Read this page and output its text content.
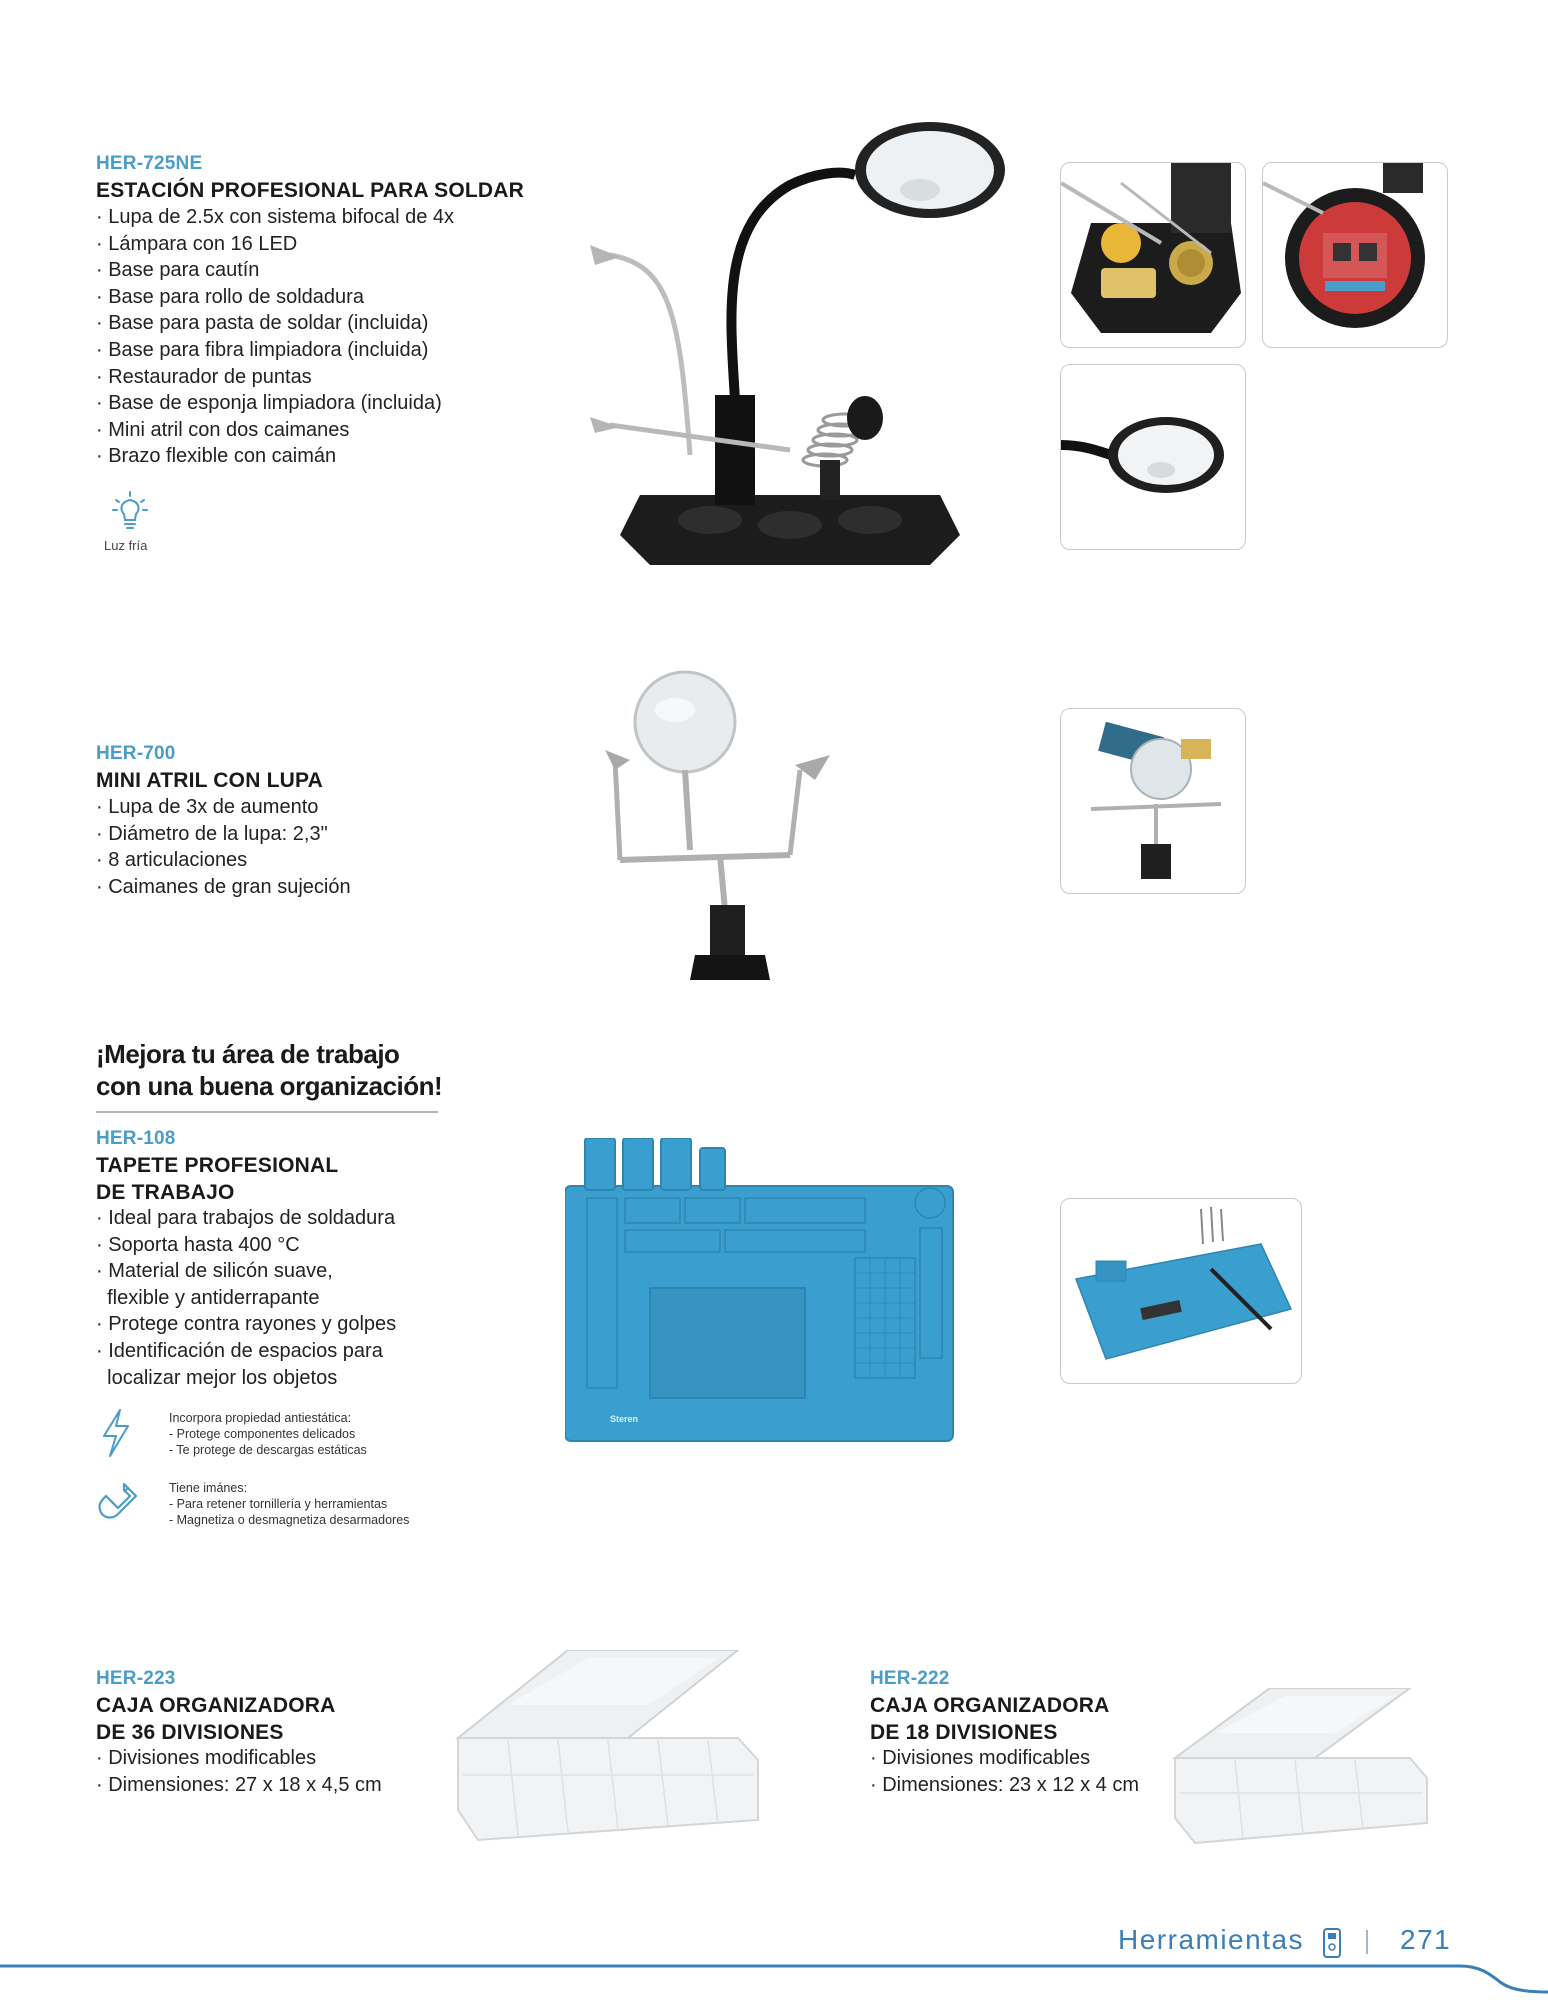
HER-725NE
ESTACIÓN PROFESIONAL PARA SOLDAR
· Lupa de 2.5x con sistema bifocal de 4x
· Lámpara con 16 LED
· Base para cautín
· Base para rollo de soldadura
· Base para pasta de soldar (incluida)
· Base para fibra limpiadora (incluida)
· Restaurador de puntas
· Base de esponja limpiadora (incluida)
· Mini atril con dos caimanes
· Brazo flexible con caimán
Luz fría
HER-700
MINI ATRIL CON LUPA
· Lupa de 3x de aumento
· Diámetro de la lupa: 2,3"
· 8 articulaciones
· Caimanes de gran sujeción
¡Mejora tu área de trabajo
con una buena organización!
HER-108
TAPETE PROFESIONAL
DE TRABAJO
· Ideal para trabajos de soldadura
· Soporta hasta 400 °C
· Material de silicón suave,
flexible y antiderrapante
· Protege contra rayones y golpes
· Identificación de espacios para
localizar mejor los objetos
Incorpora propiedad antiestática:
- Protege componentes delicados
- Te protege de descargas estáticas
Tiene imánes:
- Para retener tornillería y herramientas
- Magnetiza o desmagnetiza desarmadores
Steren
HER-223
CAJA ORGANIZADORA
DE 36 DIVISIONES
· Divisiones modificables
· Dimensiones: 27 x 18 x 4,5 cm
HER-222
CAJA ORGANIZADORA
DE 18 DIVISIONES
· Divisiones modificables
· Dimensiones: 23 x 12 x 4 cm
Herramientas	271
